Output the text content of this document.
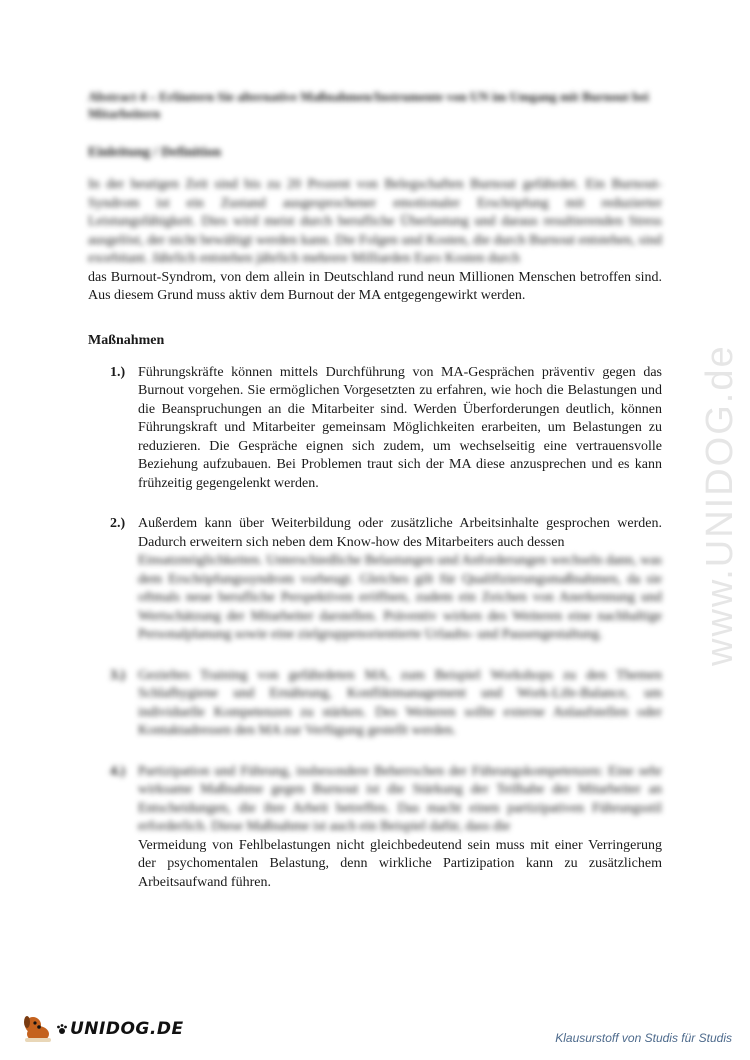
www.UNIDOG.de

Abstract 4 – Erläutern Sie alternative Maßnahmen/Instrumente von UN im Umgang mit Burnout bei Mitarbeitern

Einleitung / Definition

In der heutigen Zeit sind bis zu 20 Prozent von Belegschaften Burnout gefährdet. Ein Burnout-Syndrom ist ein Zustand ausgesprochener emotionaler Erschöpfung mit reduzierter Leistungsfähigkeit. Dies wird meist durch berufliche Überlastung und daraus resultierenden Stress ausgelöst, der nicht bewältigt werden kann. Die Folgen und Kosten, die durch Burnout entstehen, sind exorbitant. Jährlich entstehen jährlich mehrere Milliarden Euro Kosten durch

das Burnout-Syndrom, von dem allein in Deutschland rund neun Millionen Menschen betroffen sind. Aus diesem Grund muss aktiv dem Burnout der MA entgegengewirkt werden.

Maßnahmen

1.) Führungskräfte können mittels Durchführung von MA-Gesprächen präventiv gegen das Burnout vorgehen. Sie ermöglichen Vorgesetzten zu erfahren, wie hoch die Belastungen und die Beanspruchungen an die Mitarbeiter sind. Werden Überforderungen deutlich, können Führungskraft und Mitarbeiter gemeinsam Möglichkeiten erarbeiten, um Belastungen zu reduzieren. Die Gespräche eignen sich zudem, um wechselseitig eine vertrauensvolle Beziehung aufzubauen. Bei Problemen traut sich der MA diese anzusprechen und es kann frühzeitig gegengelenkt werden.

2.) Außerdem kann über Weiterbildung oder zusätzliche Arbeitsinhalte gesprochen werden. Dadurch erweitern sich neben dem Know-how des Mitarbeiters auch dessen

Einsatzmöglichkeiten. Unterschiedliche Belastungen und Anforderungen wechseln dann, was dem Erschöpfungssyndrom vorbeugt. Gleiches gilt für Qualifizierungsmaßnahmen, da sie oftmals neue berufliche Perspektiven eröffnen, zudem ein Zeichen von Anerkennung und Wertschätzung der Mitarbeiter darstellen. Präventiv wirken des Weiteren eine nachhaltige Personalplanung sowie eine zielgruppenorientierte Urlaubs- und Pausengestaltung.

3.) Gezieltes Training von gefährdeten MA, zum Beispiel Workshops zu den Themen Schlafhygiene und Ernährung, Konfliktmanagement und Work-Life-Balance, um individuelle Kompetenzen zu stärken. Des Weiteren sollte externe Anlaufstellen oder Kontaktadressen den MA zur Verfügung gestellt werden.

4.) Partizipation und Führung, insbesondere Beherrschen der Führungskompetenzen: Eine sehr wirksame Maßnahme gegen Burnout ist die Stärkung der Teilhabe der Mitarbeiter an Entscheidungen, die ihre Arbeit betreffen. Das macht einen partizipativen Führungsstil erforderlich. Diese Maßnahme ist auch ein Beispiel dafür, dass die

Vermeidung von Fehlbelastungen nicht gleichbedeutend sein muss mit einer Verringerung der psychomentalen Belastung, denn wirkliche Partizipation kann zu zusätzlichem Arbeitsaufwand führen.

UNIDOG.DE	Klausurstoff von Studis für Studis
